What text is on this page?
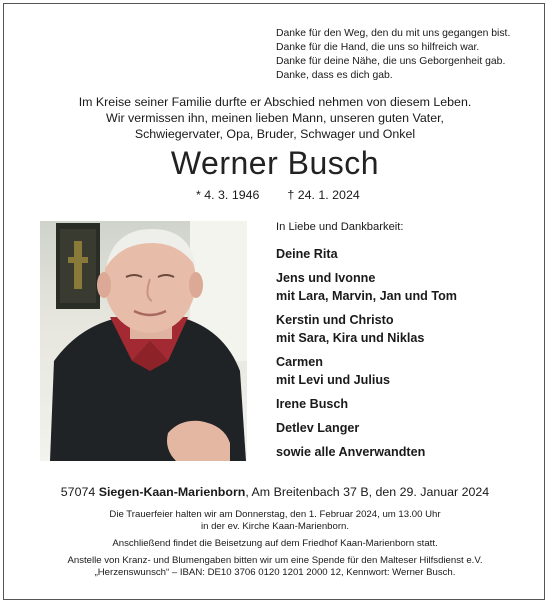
Danke für den Weg, den du mit uns gegangen bist.
Danke für die Hand, die uns so hilfreich war.
Danke für deine Nähe, die uns Geborgenheit gab.
Danke, dass es dich gab.
Im Kreise seiner Familie durfte er Abschied nehmen von diesem Leben.
Wir vermissen ihn, meinen lieben Mann, unseren guten Vater,
Schwiegervater, Opa, Bruder, Schwager und Onkel
Werner Busch
* 4. 3. 1946 † 24. 1. 2024
In Liebe und Dankbarkeit:
Deine Rita
Jens und Ivonne
mit Lara, Marvin, Jan und Tom
Kerstin und Christo
mit Sara, Kira und Niklas
Carmen
mit Levi und Julius
Irene Busch
Detlev Langer
sowie alle Anverwandten
57074 Siegen-Kaan-Marienborn, Am Breitenbach 37 B, den 29. Januar 2024
Die Trauerfeier halten wir am Donnerstag, den 1. Februar 2024, um 13.00 Uhr
in der ev. Kirche Kaan-Marienborn.
Anschließend findet die Beisetzung auf dem Friedhof Kaan-Marienborn statt.
Anstelle von Kranz- und Blumengaben bitten wir um eine Spende für den Malteser Hilfsdienst e.V.
„Herzenswunsch“ – IBAN: DE10 3706 0120 1201 2000 12, Kennwort: Werner Busch.
